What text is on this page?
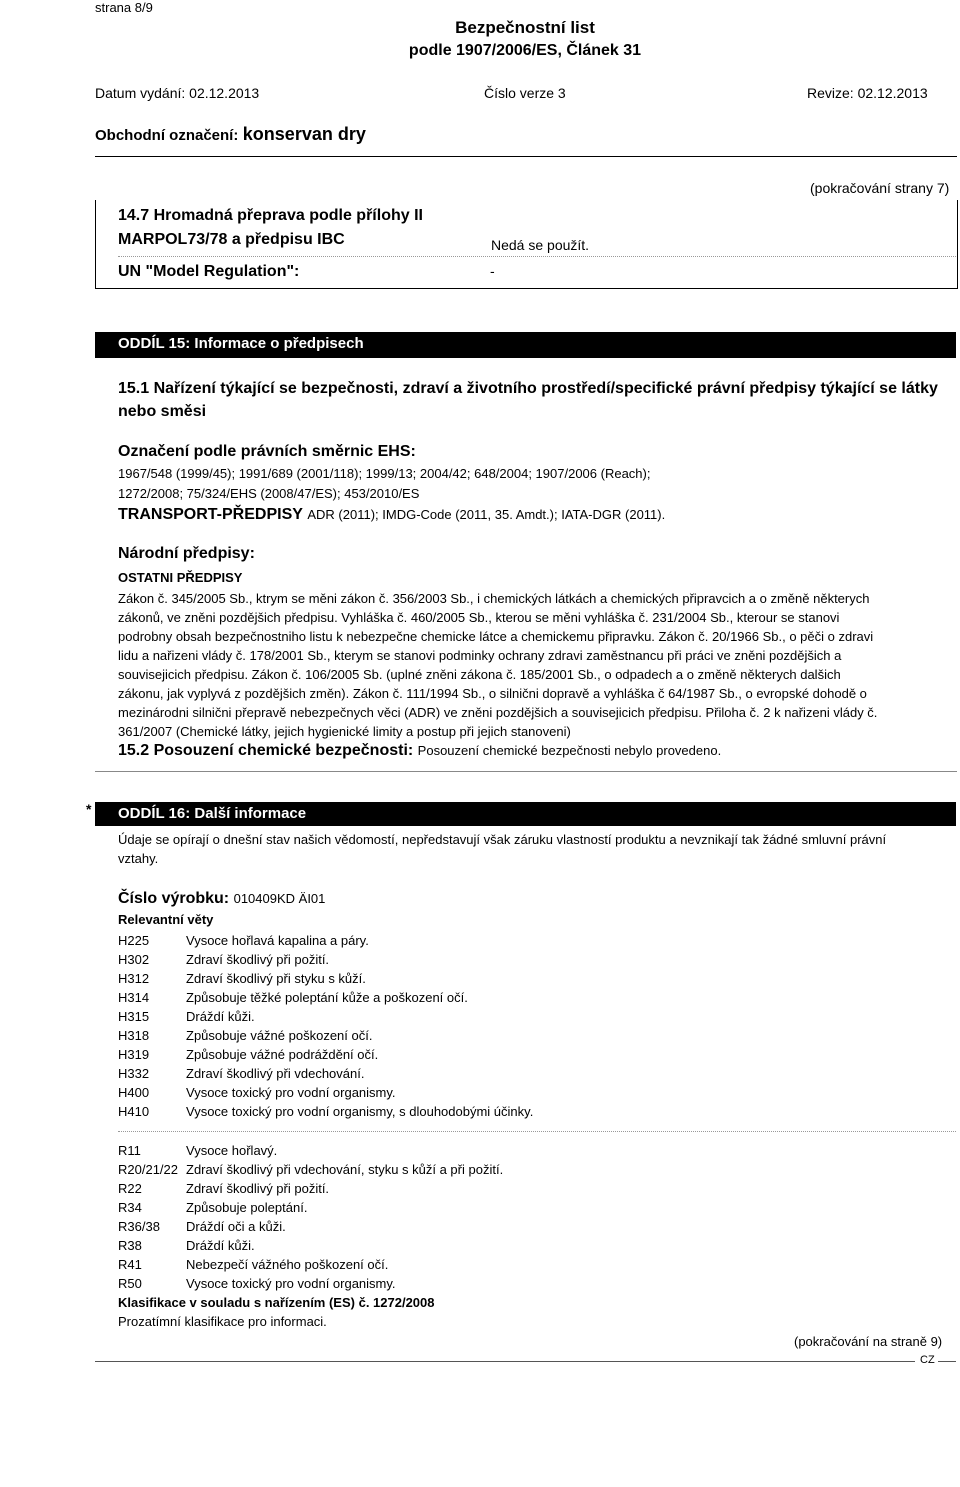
strana 8/9
Bezpečnostní list
podle 1907/2006/ES, Článek 31
Datum vydání: 02.12.2013	Číslo verze 3	Revize: 02.12.2013
Obchodní označení: konservan dry
(pokračování strany 7)
14.7 Hromadná přeprava podle přílohy II
MARPOL73/78 a předpisu IBC	Nedá se použít.
UN "Model Regulation":	-
ODDÍL 15: Informace o předpisech
15.1 Nařízení týkající se bezpečnosti, zdraví a životního prostředí/specifické právní předpisy týkající se látky
nebo směsi
Označení podle právních směrnic EHS:
1967/548 (1999/45); 1991/689 (2001/118); 1999/13; 2004/42; 648/2004; 1907/2006 (Reach);
1272/2008; 75/324/EHS (2008/47/ES); 453/2010/ES
TRANSPORT-PŘEDPISY ADR (2011); IMDG-Code (2011, 35. Amdt.); IATA-DGR (2011).
Národní předpisy:
OSTATNI PŘEDPISY
Zákon č. 345/2005 Sb., ktrym se měni zákon č. 356/2003 Sb., i chemických látkách a chemických připravcich a o změně některych
zákonů, ve zněni pozdějšich předpisu. Vyhláška č. 460/2005 Sb., kterou se měni vyhláška č. 231/2004 Sb., kterour se stanovi
podrobny obsah bezpečnostniho listu k nebezpečne chemicke látce a chemickemu připravku. Zákon č. 20/1966 Sb., o pěči o zdravi
lidu a nařizeni vlády č. 178/2001 Sb., kterym se stanovi podminky ochrany zdravi zaměstnancu při práci ve zněni pozdějšich a
souvisejicich předpisu. Zákon č. 106/2005 Sb. (uplné zněni zákona č. 185/2001 Sb., o odpadech a o změně některych dalšich
zákonu, jak vyplyvá z pozdějšich změn). Zákon č. 111/1994 Sb., o silnični dopravě a vyhláška č 64/1987 Sb., o evropské dohodě o
mezinárodni silnični přepravě nebezpečnych věci (ADR) ve zněni pozdějšich a souvisejicich předpisu. Přiloha č. 2 k nařizeni vlády č.
361/2007 (Chemické látky, jejich hygienické limity a postup při jejich stanoveni)
15.2 Posouzení chemické bezpečnosti: Posouzení chemické bezpečnosti nebylo provedeno.
* ODDÍL 16: Další informace
Údaje se opírají o dnešní stav našich vědomostí, nepředstavují však záruku vlastností produktu a nevznikají tak žádné smluvní právní
vztahy.
Číslo výrobku: 010409KD ÄI01
Relevantní věty
H225	Vysoce hořlavá kapalina a páry.
H302	Zdraví škodlivý při požití.
H312	Zdraví škodlivý při styku s kůží.
H314	Způsobuje těžké poleptání kůže a poškození očí.
H315	Dráždí kůži.
H318	Způsobuje vážné poškození očí.
H319	Způsobuje vážné podráždění očí.
H332	Zdraví škodlivý při vdechování.
H400	Vysoce toxický pro vodní organismy.
H410	Vysoce toxický pro vodní organismy, s dlouhodobými účinky.
R11	Vysoce hořlavý.
R20/21/22 Zdraví škodlivý při vdechování, styku s kůží a při požití.
R22	Zdraví škodlivý při požití.
R34	Způsobuje poleptání.
R36/38 Dráždí oči a kůži.
R38	Dráždí kůži.
R41	Nebezpečí vážného poškození očí.
R50	Vysoce toxický pro vodní organismy.
Klasifikace v souladu s nařízením (ES) č. 1272/2008
Prozatímní klasifikace pro informaci.
(pokračování na straně 9)
CZ
